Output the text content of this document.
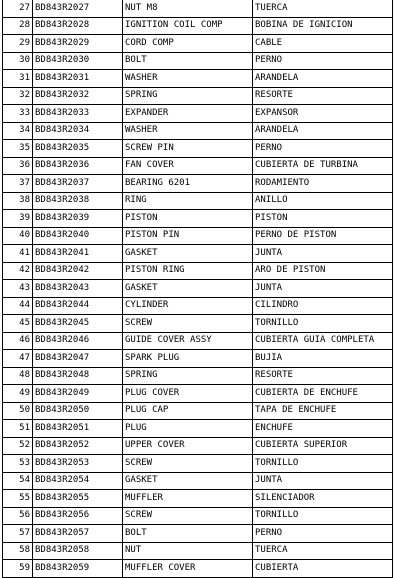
27	BD843R2027	NUT M8	TUERCA
28	BD843R2028	IGNITION COIL COMP	BOBINA DE IGNICION
29	BD843R2029	CORD COMP	CABLE
30	BD843R2030	BOLT	PERNO
31	BD843R2031	WASHER	ARANDELA
32	BD843R2032	SPRING	RESORTE
33	BD843R2033	EXPANDER	EXPANSOR
34	BD843R2034	WASHER	ARANDELA
35	BD843R2035	SCREW PIN	PERNO
36	BD843R2036	FAN COVER	CUBIERTA DE TURBINA
37	BD843R2037	BEARING 6201	RODAMIENTO
38	BD843R2038	RING	ANILLO
39	BD843R2039	PISTON	PISTON
40	BD843R2040	PISTON PIN	PERNO DE PISTON
41	BD843R2041	GASKET	JUNTA
42	BD843R2042	PISTON RING	ARO DE PISTON
43	BD843R2043	GASKET	JUNTA
44	BD843R2044	CYLINDER	CILINDRO
45	BD843R2045	SCREW	TORNILLO
46	BD843R2046	GUIDE COVER ASSY	CUBIERTA GUIA COMPLETA
47	BD843R2047	SPARK PLUG	BUJIA
48	BD843R2048	SPRING	RESORTE
49	BD843R2049	PLUG COVER	CUBIERTA DE ENCHUFE
50	BD843R2050	PLUG CAP	TAPA DE ENCHUFE
51	BD843R2051	PLUG	ENCHUFE
52	BD843R2052	UPPER COVER	CUBIERTA SUPERIOR
53	BD843R2053	SCREW	TORNILLO
54	BD843R2054	GASKET	JUNTA
55	BD843R2055	MUFFLER	SILENCIADOR
56	BD843R2056	SCREW	TORNILLO
57	BD843R2057	BOLT	PERNO
58	BD843R2058	NUT	TUERCA
59	BD843R2059	MUFFLER COVER	CUBIERTA
